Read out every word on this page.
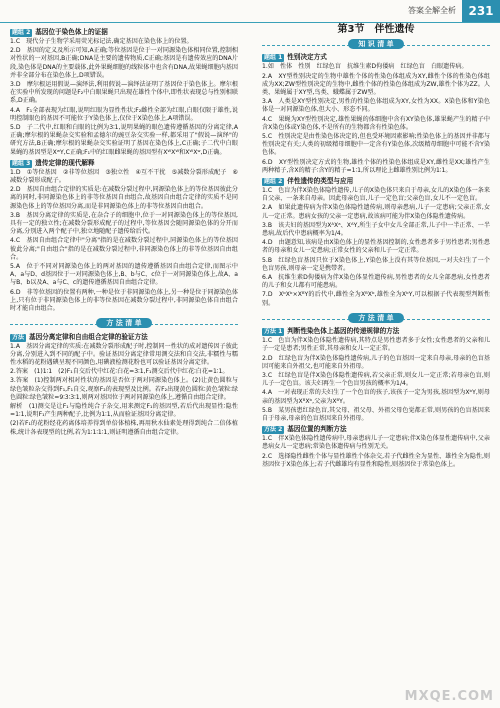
答案全解全析	231
题组 2 基因位于染色体上的证据

1.C　现代分子生物学采用荧光标记法,确定基因在染色体上的位置。

2.D　基因的定义及所示可知,A正确;等位基因是位于一对同源染色体相同位置,控制相对性状的一对基因,B正确;DNA是主要的遗传物质,C正确;基因是有遗传效应的DNA片段,染色体是DNA的主要载体,此外果蝇细胞的线粒体中也含有DNA,故果蝇细胞内基因并非全部分布在染色体上,D项错误。

3.D　摩尔根运用假说—演绎法,利用假说—演绎法证明了基因位于染色体上。摩尔根在实验中所发现的问题是F₂中白眼果蝇只出现在雄性个体中,即性状表现总与性别相联系,D正确。

4.A　F₁全部表现为红眼,说明红眼为显性性状;F₂雌性全部为红眼,白眼仅限于雄性,说明控制眼色的基因不可能位于Y染色体上,仅位于X染色体上,A项错误。

5.D　子二代中,红眼和白眼的比例为3∶1,说明果蝇的眼色遗传遵循基因的分离定律,A正确;摩尔根的果蝇杂交实验和孟德尔的豌豆杂交实验一样,都采用了"假说—演绎"的研究方法,B正确;摩尔根的果蝇杂交实验证明了基因在染色体上,C正确;子二代中白眼果蝇的基因型是XʷY,C正确;F₁中的红眼雌果蝇的基因型有XᵂXᵂ和XᵂXʷ,D正确。

题组 3 遗传定律的现代解释

1.D　①等位基因　②非等位基因　③独立性　④互不干扰　⑤减数分裂形成配子　⑥减数分裂形成配子。

2.D　基因自由组合定律的实质是:在减数分裂过程中,同源染色体上的等位基因彼此分离的同时,非同源染色体上的非等位基因自由组合,故基因自由组合定律的实质不是同源染色体上的等位基因分离,而是非同源染色体上的非等位基因自由组合。

3.B　基因分离定律的实质是,在杂合子的细胞中,位于一对同源染色体上的等位基因,具有一定的独立性;在减数分裂形成配子的过程中,等位基因会随同源染色体的分开而分离,分别进入两个配子中,独立地随配子遗传给后代。

4.C　基因自由组合定律中"分离"指的是在减数分裂过程中,同源染色体上的等位基因彼此分离;"自由组合"指的是在减数分裂过程中,非同源染色体上的非等位基因自由组合。

5.A　位于不同对同源染色体上的两对基因的遗传遵循基因自由组合定律,而图示中A、a与D、d基因位于一对同源染色体上,B、b与C、c位于一对同源染色体上,故A、a与B、b以及A、a与C、c的遗传遵循基因自由组合定律。

6.D　非等位基因的位置有两种,一种是位于非同源染色体上,另一种是位于同源染色体上,只有位于非同源染色体上的非等位基因在减数分裂过程中,非同源染色体自由组合时才能自由组合。

方 法 清 单
方法 基因分离定律和自由组合定律的验证方法

1.A　基因分离定律的实质:在减数分裂形成配子时,控制同一性状的成对遗传因子彼此分离,分别进入到不同的配子中。验证基因分离定律常用测交法和自交法,非糯性与糯性水稻的花粉遇碘呈现不同颜色,用碘液检测花粉也可以验证基因分离定律。

2.答案　(1)1∶1　(2)F₁自交后代中红花∶白花=3∶1,F₁测交后代中红花∶白花=1∶1。

3.答案　(1)控制两对相对性状的基因是否位于两对同源染色体上。(2)让黄色圆粒与绿色皱粒杂交得到F₁,F₁自交,观察F₂的表现型及比例。若F₂出现黄色圆粒∶黄色皱粒∶绿色圆粒∶绿色皱粒=9∶3∶3∶1,则两对基因位于两对同源染色体上,遵循自由组合定律。

解析　(1)测交是让F₁与隐性纯合子杂交,用来测定F₁的基因型,若后代出现显性∶隐性=1∶1,说明F₁产生两种配子,比例为1∶1,从而验证基因分离定律。

(2)若F₁的花粉经花药离体培养得到单倍体植株,再用秋水仙素处理得到纯合二倍体植株,统计各表现型的比例,若为1∶1∶1∶1,则证明遵循自由组合定律。

第3节　伴性遗传
知 识 清 单
题组 1 性别决定方式

1.如　性体　性别　红绿色盲　抗维生素D佝偻病　红绿色盲　白眼遗传病。

2.A　XY型性别决定的生物中雄性个体的性染色体组成为XY,雌性个体的性染色体组成为XX;ZW型性别决定的生物中,雌性个体的性染色体组成为ZW,雄性个体为ZZ。人类、果蝇属于XY型,鸟类、蛾蝶属于ZW型。

3.A　人类是XY型性别决定,男性的性染色体组成为XY,女性为XX。X染色体和Y染色体是一对同源染色体,但大小、形态不同。

4.C　果蝇为XY型性别决定,雄性果蝇的体细胞中含有XY染色体,雄果蝇产生的精子中含X染色体或Y染色体,不是所有的生物都含有性染色体。

5.C　性别决定是由性染色体决定的,但也受环境因素影响;性染色体上的基因并非都与性别决定有关;人类的初级精母细胞中一定含有Y染色体,次级精母细胞中可能不含Y染色体。

6.D　XY型性别决定方式的生物,雄性个体的性染色体组成是XY,雌性是XX;雄性产生两种精子,含X的精子∶含Y的精子=1∶1,所以理论上雌雄性别比例为1∶1。

题组 2 伴性遗传的类型与应用

1.C　色盲为伴X染色体隐性遗传,儿子的X染色体只来自于母亲,女儿的X染色体一条来自父亲、一条来自母亲。因此母亲色盲,儿子一定色盲;父亲色盲,女儿不一定色盲。

2.A　如果此遗传病为伴X染色体隐性遗传病,则母亲患病,儿子一定患病;父亲正常,女儿一定正常。患病女孩的父亲一定患病,故该病可能为伴X染色体隐性遗传病。

3.B　该夫妇的基因型为XᴬXᵃ、XᴬY,所生子女中女儿全部正常,儿子中一半正常、一半患病,故后代中患病概率为1/4。

4.D　由题意知,该病是由X染色体上的显性基因控制的,女性患者多于男性患者;男性患者的母亲和女儿一定患病;正常女性的父亲和儿子一定正常。

5.B　红绿色盲基因只位于X染色体上,Y染色体上没有其等位基因,一对夫妇生了一个色盲男孩,则母亲一定是携带者。

6.A　抗维生素D佝偻病为伴X染色体显性遗传病,男性患者的女儿全部患病,女性患者的儿子和女儿都有可能患病。

7.D　XᵇXᵇ×XᴮY的后代中,雌性全为XᴮXᵇ,雄性全为XᵇY,可以根据子代表现型判断性别。

方 法 清 单
方法 1 判断性染色体上基因的传递规律的方法

1.C　色盲为伴X染色体隐性遗传病,其特点是男性患者多于女性;女性患者的父亲和儿子一定是患者;男性正常,其母亲和女儿一定正常。

2.D　红绿色盲为伴X染色体隐性遗传病,儿子的色盲基因一定来自母亲,母亲的色盲基因可能来自外祖父,也可能来自外祖母。

3.C　红绿色盲是伴X染色体隐性遗传病,若父亲正常,则女儿一定正常;若母亲色盲,则儿子一定色盲。该夫妇再生一个色盲男孩的概率为1/4。

4.A　一对表现正常的夫妇生了一个色盲的孩子,该孩子一定为男孩,基因型为XᵇY,则母亲的基因型为XᴮXᵇ,父亲为XᴮY。

5.B　某男孩患红绿色盲,其父母、祖父母、外祖父母色觉都正常,则男孩的色盲基因来自于母亲,母亲的色盲基因来自外祖母。

方法 2 基因位置的判断方法

1.C　伴X染色体隐性遗传病中,母亲患病儿子一定患病;伴X染色体显性遗传病中,父亲患病女儿一定患病;常染色体遗传病与性别无关。

2.C　选择隐性雌性个体与显性雄性个体杂交,若子代雌性全为显性、雄性全为隐性,则基因位于X染色体上;若子代雌雄均有显性和隐性,则基因位于常染色体上。

MXQE.COM
